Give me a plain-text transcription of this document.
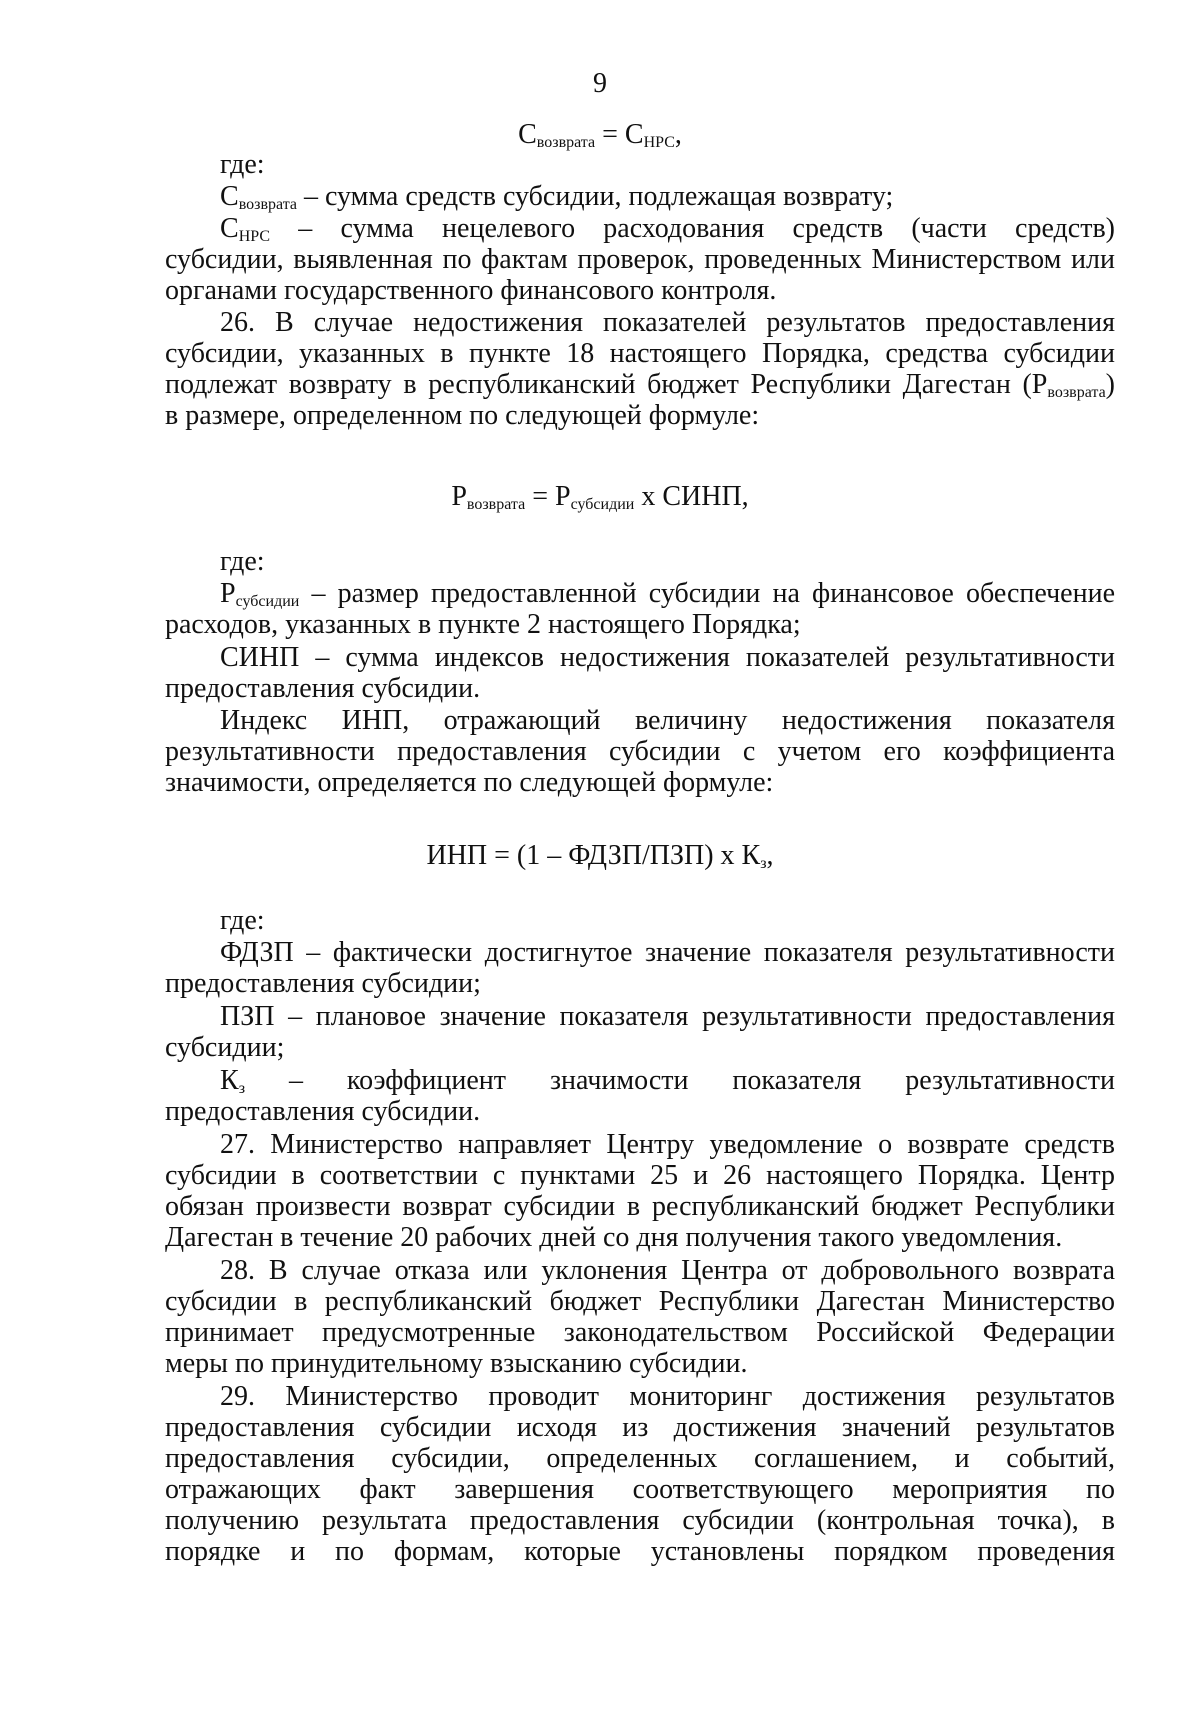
9
$С_{возврата} = С_{НРС}$,
где:
$С_{возврата}$ – сумма средств субсидии, подлежащая возврату;
$С_{НРС}$ – сумма нецелевого расходования средств (части средств)
субсидии, выявленная по фактам проверок, проведенных Министерством или
органами государственного финансового контроля.
26. В случае недостижения показателей результатов предоставления
субсидии, указанных в пункте 18 настоящего Порядка, средства субсидии
подлежат возврату в республиканский бюджет Республики Дагестан $(Р_{возврата})$
в размере, определенном по следующей формуле:
$Р_{возврата} = Р_{субсидии}$ х СИНП,
где:
$Р_{субсидии}$ – размер предоставленной субсидии на финансовое обеспечение
расходов, указанных в пункте 2 настоящего Порядка;
СИНП – сумма индексов недостижения показателей результативности
предоставления субсидии.
Индекс ИНП, отражающий величину недостижения показателя
результативности предоставления субсидии с учетом его коэффициента
значимости, определяется по следующей формуле:
ИНП = (1 – ФДЗП/ПЗП) х $К_з$,
где:
ФДЗП – фактически достигнутое значение показателя результативности
предоставления субсидии;
ПЗП – плановое значение показателя результативности предоставления
субсидии;
$К_з$ – коэффициент значимости показателя результативности
предоставления субсидии.
27. Министерство направляет Центру уведомление о возврате средств
субсидии в соответствии с пунктами 25 и 26 настоящего Порядка. Центр
обязан произвести возврат субсидии в республиканский бюджет Республики
Дагестан в течение 20 рабочих дней со дня получения такого уведомления.
28. В случае отказа или уклонения Центра от добровольного возврата
субсидии в республиканский бюджет Республики Дагестан Министерство
принимает предусмотренные законодательством Российской Федерации
меры по принудительному взысканию субсидии.
29. Министерство проводит мониторинг достижения результатов
предоставления субсидии исходя из достижения значений результатов
предоставления субсидии, определенных соглашением, и событий,
отражающих факт завершения соответствующего мероприятия по
получению результата предоставления субсидии (контрольная точка), в
порядке и по формам, которые установлены порядком проведения
